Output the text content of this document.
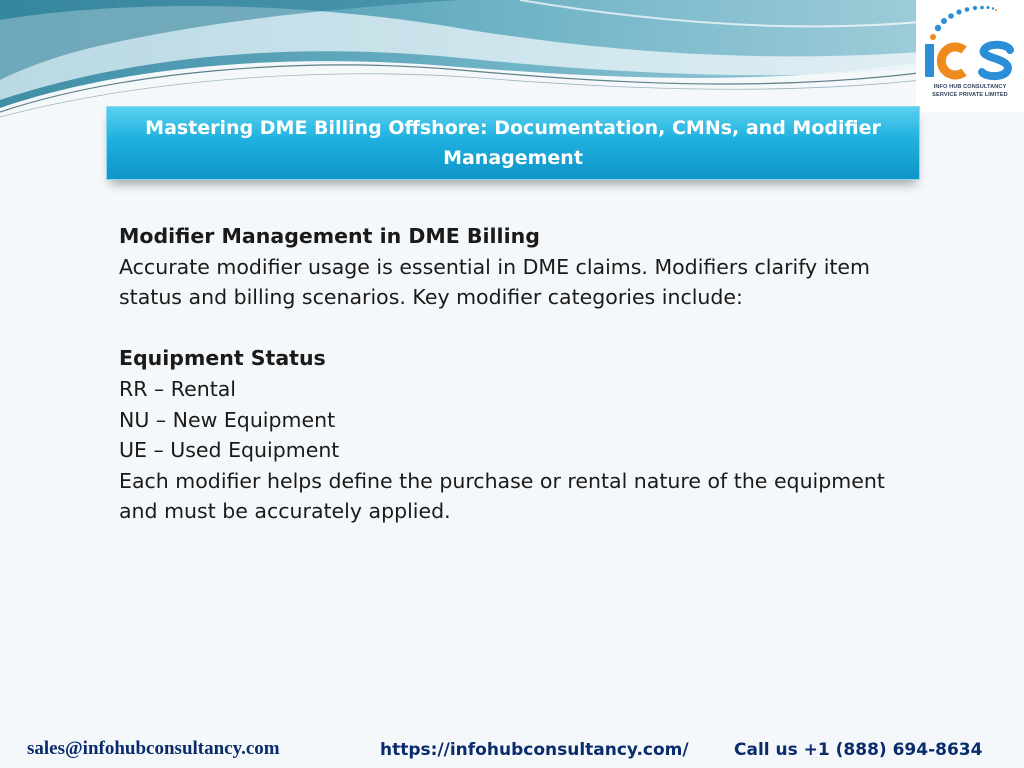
INFO HUB CONSULTANCY
SERVICE PRIVATE LIMITED
Mastering DME Billing Offshore: Documentation, CMNs, and Modifier Management

Modifier Management in DME Billing

Accurate modifier usage is essential in DME claims. Modifiers clarify item status and billing scenarios. Key modifier categories include:

Equipment Status

RR – Rental

NU – New Equipment

UE – Used Equipment

Each modifier helps define the purchase or rental nature of the equipment and must be accurately applied.

sales@infohubconsultancy.com	https://infohubconsultancy.com/	Call us +1 (888) 694-8634
